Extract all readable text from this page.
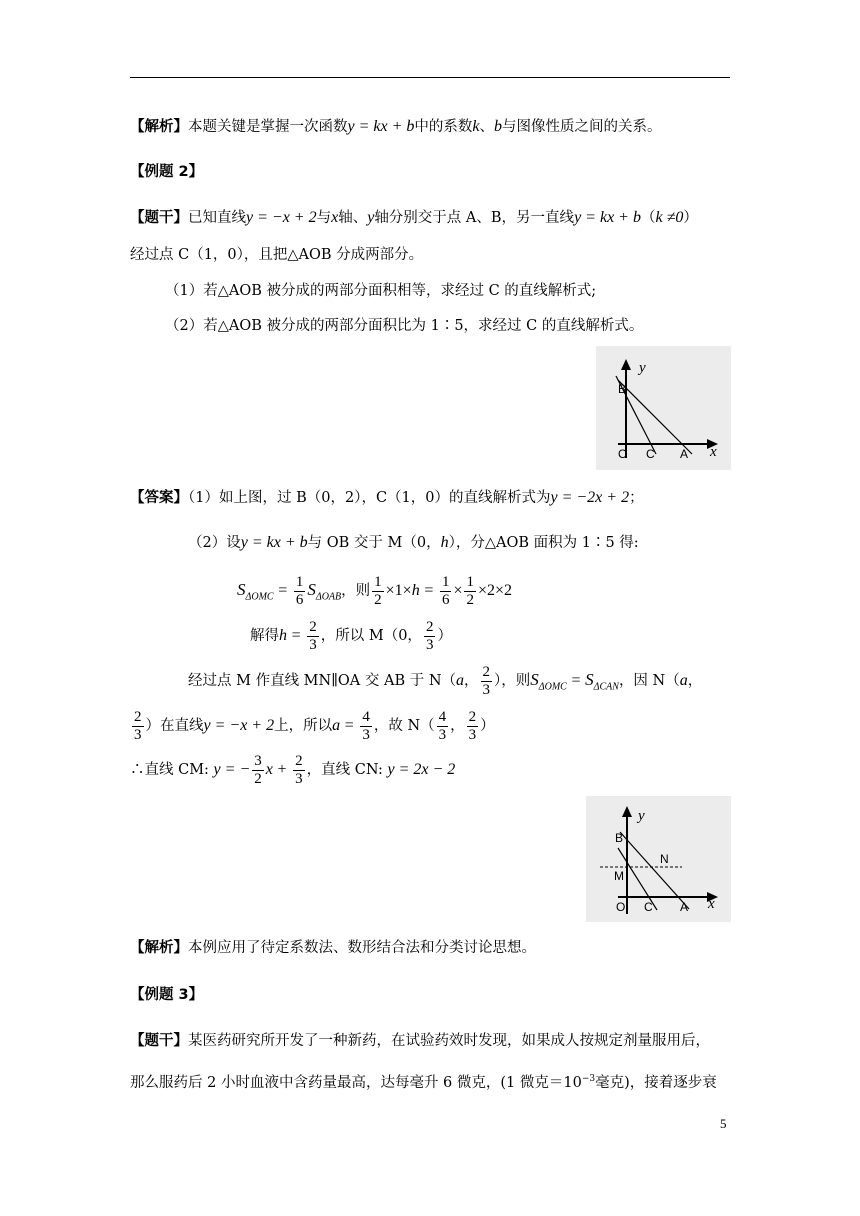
【解析】本题关键是掌握一次函数y = kx + b中的系数k、b与图像性质之间的关系。
【例题 2】
【题干】已知直线y = −x + 2与x轴、y轴分别交于点 A、B，另一直线y = kx + b（k ≠0）
经过点 C（1，0），且把△AOB 分成两部分。
（1）若△AOB 被分成的两部分面积相等，求经过 C 的直线解析式;
（2）若△AOB 被分成的两部分面积比为 1∶5，求经过 C 的直线解析式。
y
x
B
O C A
【答案】（1）如上图，过 B（0，2），C（1，0）的直线解析式为y = −2x + 2；
（2）设y = kx + b与 OB 交于 M（0，h），分△AOB 面积为 1∶5 得:
$S_{\Delta OMC} = \frac{1}{6} S_{\Delta OAB}$，则 $\frac{1}{2} \times 1\times h = \frac{1}{6} \times \frac{1}{2} \times 2\times 2$
解得$h = \frac{2}{3}$ ，所以 M（0， $\frac{2}{3}$ ）
经过点 M 作直线 MN∥OA 交 AB 于 N（a， $\frac{2}{3}$ ），则$S_{\Delta OMC} = S_{\Delta CAN}$，因 N（a，
$\frac{2}{3}$ ）在直线y = −x + 2上，所以$a = \frac{4}{3}$ ，故 $N( \frac{4}{3}$ ， $\frac{2}{3}$ ）
∴直线 CM: y = − $\frac{3}{2}$ $x + \frac{2}{3}$ ，直线 CN: y = 2x − 2
y
x
B
N
M
O C A
【解析】本例应用了待定系数法、数形结合法和分类讨论思想。
【例题 3】
【题干】某医药研究所开发了一种新药，在试验药效时发现，如果成人按规定剂量服用后，
那么服药后 2 小时血液中含药量最高，达每毫升 6 微克，(1 微克$=10^{-3}$毫克)，接着逐步衰
5
